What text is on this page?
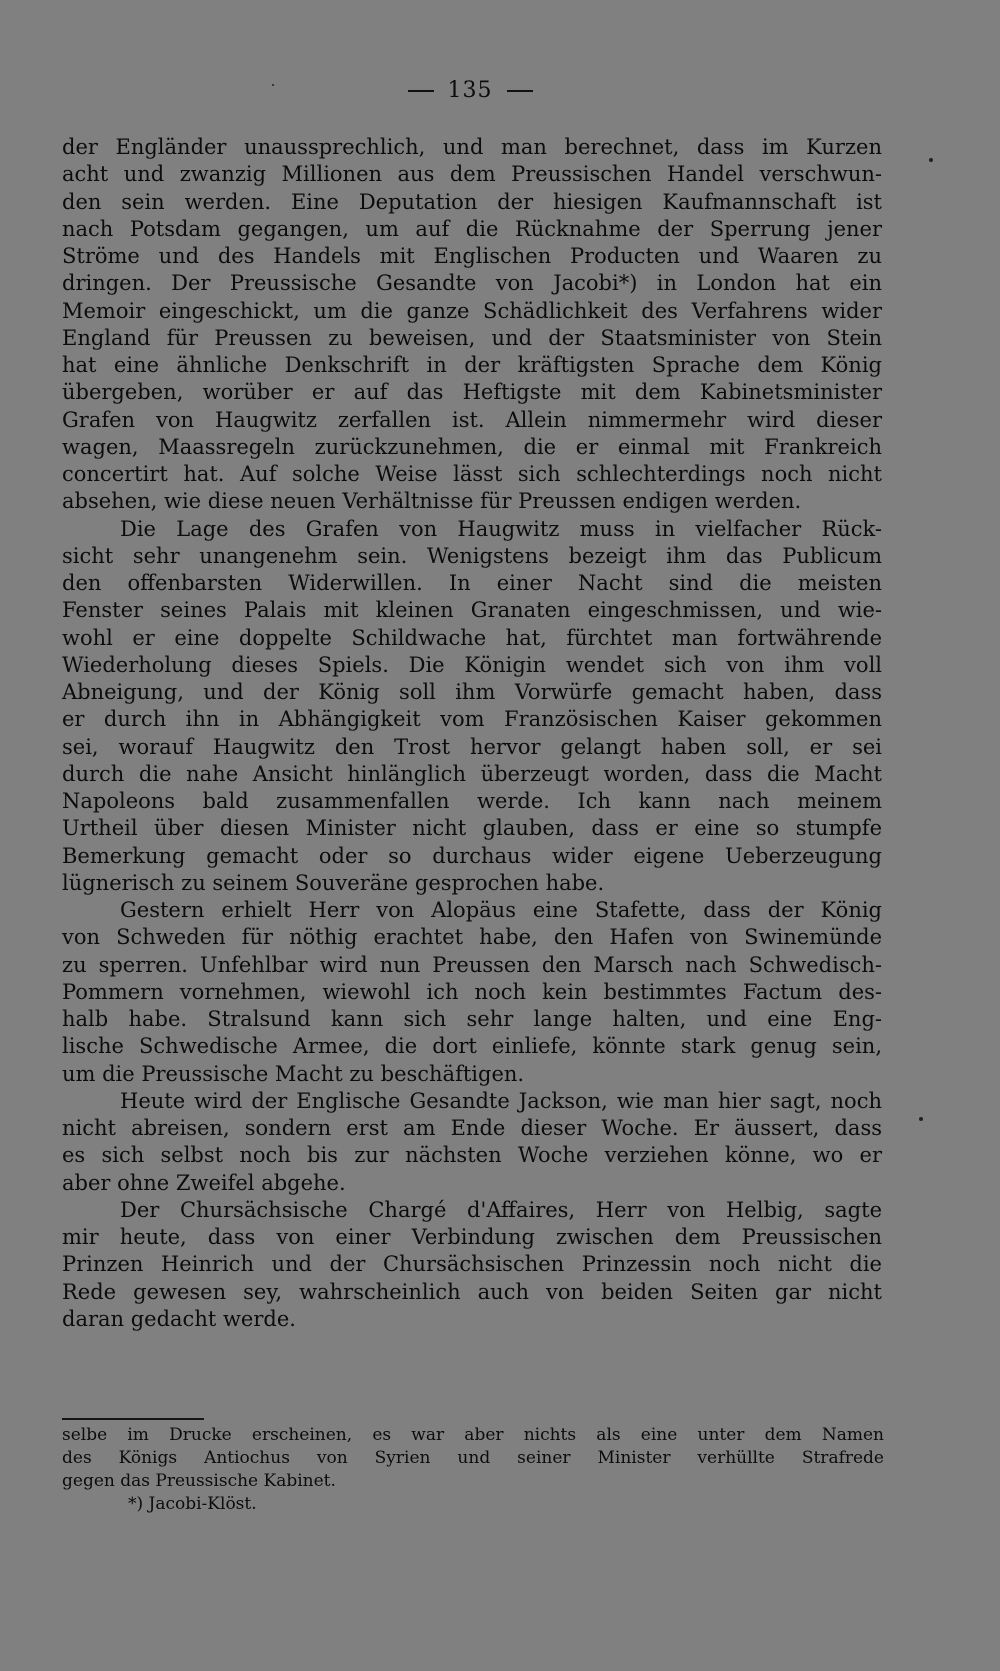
135
der Engländer unaussprechlich, und man berechnet, dass im Kurzen
acht und zwanzig Millionen aus dem Preussischen Handel verschwun-
den sein werden. Eine Deputation der hiesigen Kaufmannschaft ist
nach Potsdam gegangen, um auf die Rücknahme der Sperrung jener
Ströme und des Handels mit Englischen Producten und Waaren zu
dringen. Der Preussische Gesandte von Jacobi*) in London hat ein
Memoir eingeschickt, um die ganze Schädlichkeit des Verfahrens wider
England für Preussen zu beweisen, und der Staatsminister von Stein
hat eine ähnliche Denkschrift in der kräftigsten Sprache dem König
übergeben, worüber er auf das Heftigste mit dem Kabinetsminister
Grafen von Haugwitz zerfallen ist. Allein nimmermehr wird dieser
wagen, Maassregeln zurückzunehmen, die er einmal mit Frankreich
concertirt hat. Auf solche Weise lässt sich schlechterdings noch nicht
absehen, wie diese neuen Verhältnisse für Preussen endigen werden.
Die Lage des Grafen von Haugwitz muss in vielfacher Rück-
sicht sehr unangenehm sein. Wenigstens bezeigt ihm das Publicum
den offenbarsten Widerwillen. In einer Nacht sind die meisten
Fenster seines Palais mit kleinen Granaten eingeschmissen, und wie-
wohl er eine doppelte Schildwache hat, fürchtet man fortwährende
Wiederholung dieses Spiels. Die Königin wendet sich von ihm voll
Abneigung, und der König soll ihm Vorwürfe gemacht haben, dass
er durch ihn in Abhängigkeit vom Französischen Kaiser gekommen
sei, worauf Haugwitz den Trost hervor gelangt haben soll, er sei
durch die nahe Ansicht hinlänglich überzeugt worden, dass die Macht
Napoleons bald zusammenfallen werde. Ich kann nach meinem
Urtheil über diesen Minister nicht glauben, dass er eine so stumpfe
Bemerkung gemacht oder so durchaus wider eigene Ueberzeugung
lügnerisch zu seinem Souveräne gesprochen habe.
Gestern erhielt Herr von Alopäus eine Stafette, dass der König
von Schweden für nöthig erachtet habe, den Hafen von Swinemünde
zu sperren. Unfehlbar wird nun Preussen den Marsch nach Schwedisch-
Pommern vornehmen, wiewohl ich noch kein bestimmtes Factum des-
halb habe. Stralsund kann sich sehr lange halten, und eine Eng-
lische Schwedische Armee, die dort einliefe, könnte stark genug sein,
um die Preussische Macht zu beschäftigen.
Heute wird der Englische Gesandte Jackson, wie man hier sagt, noch
nicht abreisen, sondern erst am Ende dieser Woche. Er äussert, dass
es sich selbst noch bis zur nächsten Woche verziehen könne, wo er
aber ohne Zweifel abgehe.
Der Chursächsische Chargé d'Affaires, Herr von Helbig, sagte
mir heute, dass von einer Verbindung zwischen dem Preussischen
Prinzen Heinrich und der Chursächsischen Prinzessin noch nicht die
Rede gewesen sey, wahrscheinlich auch von beiden Seiten gar nicht
daran gedacht werde.
selbe im Drucke erscheinen, es war aber nichts als eine unter dem Namen
des Königs Antiochus von Syrien und seiner Minister verhüllte Strafrede
gegen das Preussische Kabinet.
*) Jacobi-Klöst.
